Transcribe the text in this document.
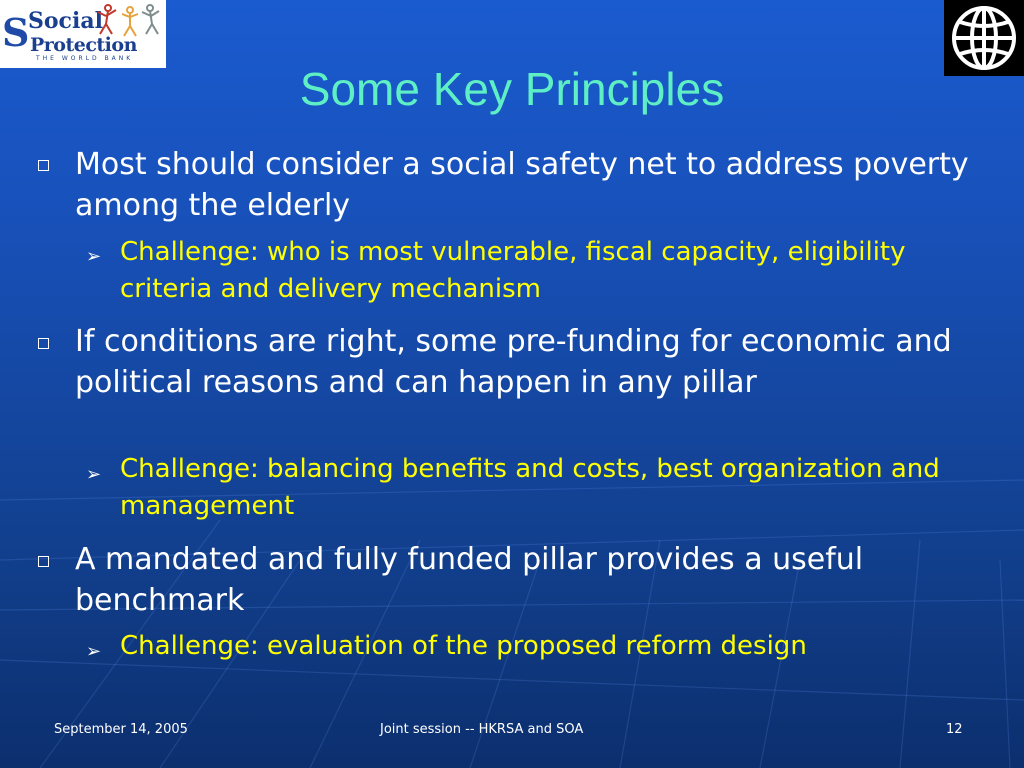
S
Social
Protection
THE WORLD BANK
Some Key Principles
Most should consider a social safety net to address poverty among the elderly
➢ Challenge: who is most vulnerable, fiscal capacity, eligibility criteria and delivery mechanism
If conditions are right, some pre-funding for economic and political reasons and can happen in any pillar
➢ Challenge: balancing benefits and costs, best organization and management
A mandated and fully funded pillar provides a useful benchmark
➢ Challenge: evaluation of the proposed reform design
September 14, 2005	Joint session -- HKRSA and SOA	12
